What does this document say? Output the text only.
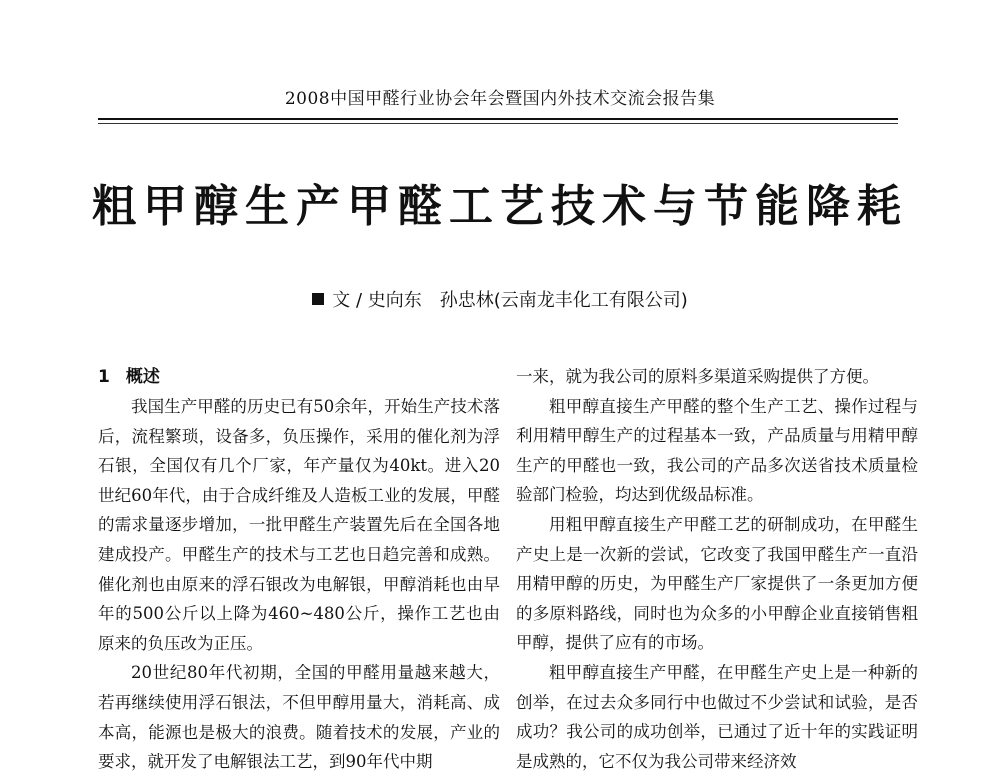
2008中国甲醛行业协会年会暨国内外技术交流会报告集
粗甲醇生产甲醛工艺技术与节能降耗
文 / 史向东　孙忠林(云南龙丰化工有限公司)
1 概述

我国生产甲醛的历史已有50余年，开始生产技术落后，流程繁琐，设备多，负压操作，采用的催化剂为浮石银，全国仅有几个厂家，年产量仅为40kt。进入20世纪60年代，由于合成纤维及人造板工业的发展，甲醛的需求量逐步增加，一批甲醛生产装置先后在全国各地建成投产。甲醛生产的技术与工艺也日趋完善和成熟。催化剂也由原来的浮石银改为电解银，甲醇消耗也由早年的500公斤以上降为460~480公斤，操作工艺也由原来的负压改为正压。

20世纪80年代初期，全国的甲醛用量越来越大，若再继续使用浮石银法，不但甲醇用量大，消耗高、成本高，能源也是极大的浪费。随着技术的发展，产业的要求，就开发了电解银法工艺，到90年代中期

一来，就为我公司的原料多渠道采购提供了方便。

粗甲醇直接生产甲醛的整个生产工艺、操作过程与利用精甲醇生产的过程基本一致，产品质量与用精甲醇生产的甲醛也一致，我公司的产品多次送省技术质量检验部门检验，均达到优级品标准。

用粗甲醇直接生产甲醛工艺的研制成功，在甲醛生产史上是一次新的尝试，它改变了我国甲醛生产一直沿用精甲醇的历史，为甲醛生产厂家提供了一条更加方便的多原料路线，同时也为众多的小甲醇企业直接销售粗甲醇，提供了应有的市场。

粗甲醇直接生产甲醛，在甲醛生产史上是一种新的创举，在过去众多同行中也做过不少尝试和试验，是否成功？我公司的成功创举，已通过了近十年的实践证明是成熟的，它不仅为我公司带来经济效
